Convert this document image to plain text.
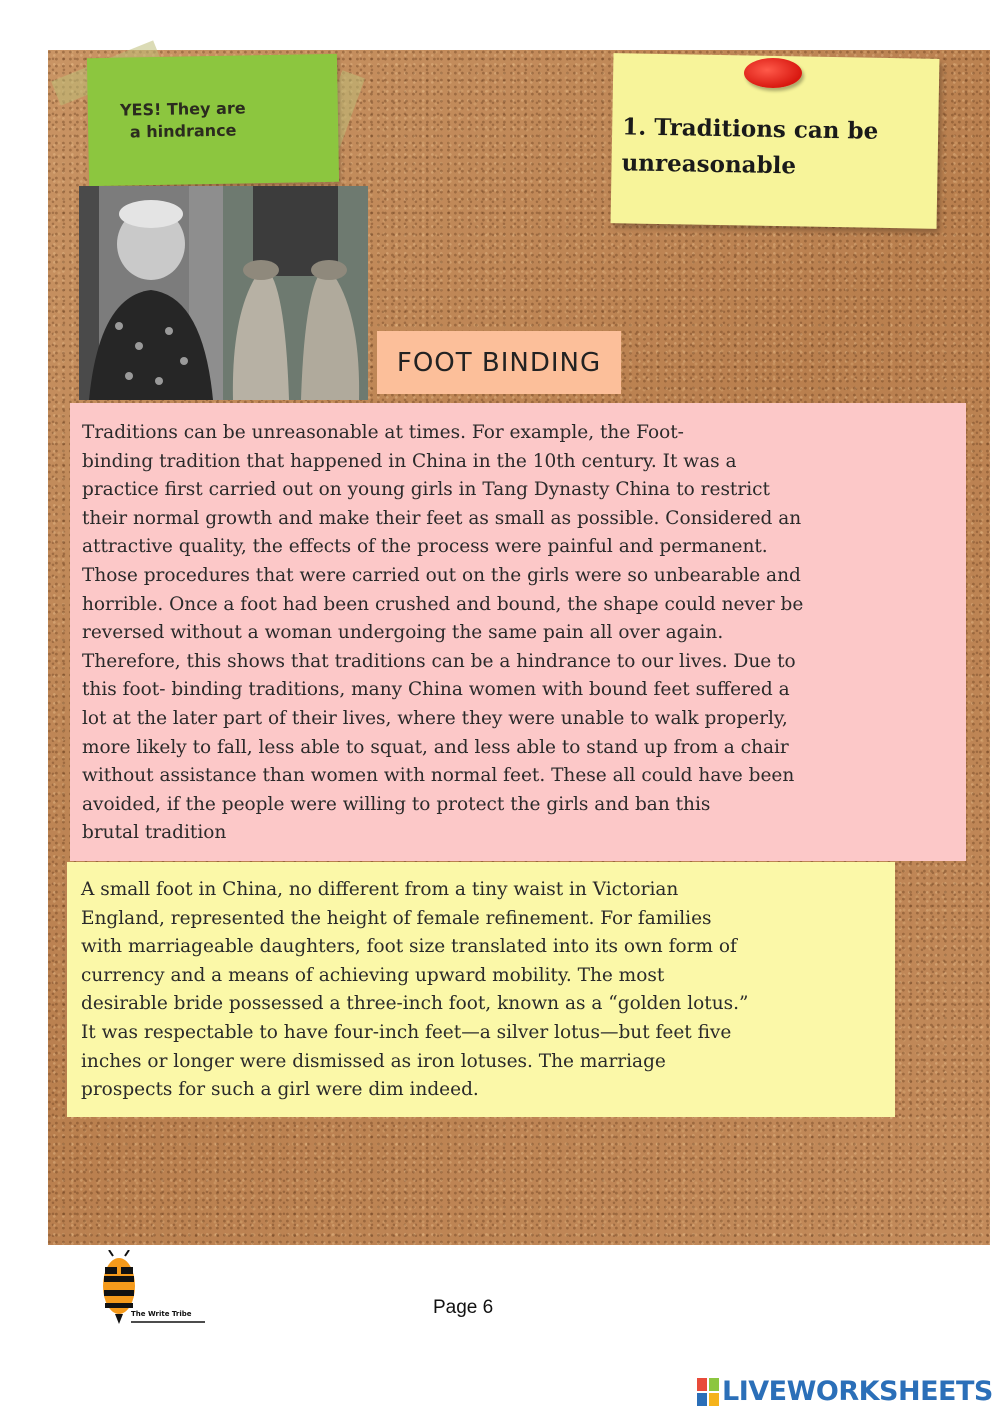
YES! They are
a hindrance	1. Traditions can be unreasonable
FOOT BINDING

Traditions can be unreasonable at times. For example, the Foot-
binding tradition that happened in China in the 10th century. It was a
practice first carried out on young girls in Tang Dynasty China to restrict
their normal growth and make their feet as small as possible. Considered an
attractive quality, the effects of the process were painful and permanent.
Those procedures that were carried out on the girls were so unbearable and
horrible. Once a foot had been crushed and bound, the shape could never be
reversed without a woman undergoing the same pain all over again.
Therefore, this shows that traditions can be a hindrance to our lives. Due to
this foot- binding traditions, many China women with bound feet suffered a
lot at the later part of their lives, where they were unable to walk properly,
more likely to fall, less able to squat, and less able to stand up from a chair
without assistance than women with normal feet. These all could have been
avoided, if the people were willing to protect the girls and ban this
brutal tradition

A small foot in China, no different from a tiny waist in Victorian
England, represented the height of female refinement. For families
with marriageable daughters, foot size translated into its own form of
currency and a means of achieving upward mobility. The most
desirable bride possessed a three-inch foot, known as a “golden lotus.”
It was respectable to have four-inch feet—a silver lotus—but feet five
inches or longer were dismissed as iron lotuses. The marriage
prospects for such a girl were dim indeed.

The Write Tribe	Page 6
LIVEWORKSHEETS
